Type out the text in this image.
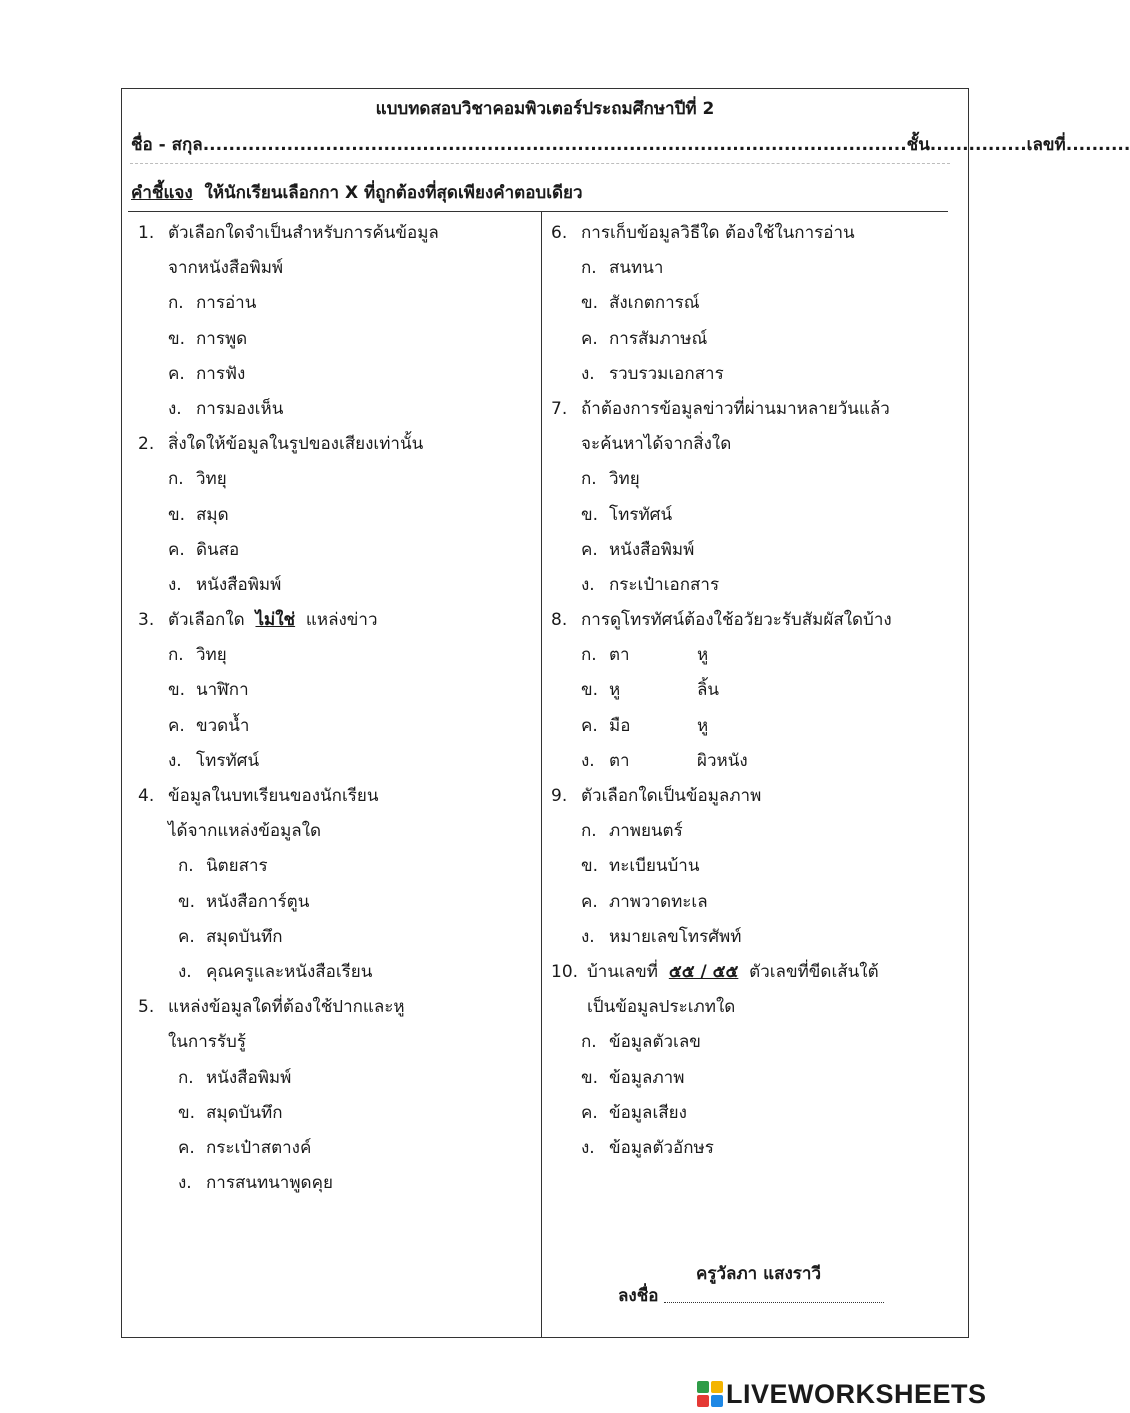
แบบทดสอบวิชาคอมพิวเตอร์ประถมศึกษาปีที่ 2
ชื่อ - สกุล.............................................................................................................ชั้น...............เลขที่..........
คำชี้แจง ให้นักเรียนเลือกกา X ที่ถูกต้องที่สุดเพียงคำตอบเดียว
1. ตัวเลือกใดจำเป็นสำหรับการค้นข้อมูล
จากหนังสือพิมพ์
ก. การอ่าน
ข. การพูด
ค. การฟัง
ง. การมองเห็น
2. สิ่งใดให้ข้อมูลในรูปของเสียงเท่านั้น
ก. วิทยุ
ข. สมุด
ค. ดินสอ
ง. หนังสือพิมพ์
3. ตัวเลือกใด ไม่ใช่ แหล่งข่าว
ก. วิทยุ
ข. นาฬิกา
ค. ขวดน้ำ
ง. โทรทัศน์
4. ข้อมูลในบทเรียนของนักเรียน
ได้จากแหล่งข้อมูลใด
ก. นิตยสาร
ข. หนังสือการ์ตูน
ค. สมุดบันทึก
ง. คุณครูและหนังสือเรียน
5. แหล่งข้อมูลใดที่ต้องใช้ปากและหู
ในการรับรู้
ก. หนังสือพิมพ์
ข. สมุดบันทึก
ค. กระเป๋าสตางค์
ง. การสนทนาพูดคุย
6. การเก็บข้อมูลวิธีใด ต้องใช้ในการอ่าน
ก. สนทนา
ข. สังเกตการณ์
ค. การสัมภาษณ์
ง. รวบรวมเอกสาร
7. ถ้าต้องการข้อมูลข่าวที่ผ่านมาหลายวันแล้ว
จะค้นหาได้จากสิ่งใด
ก. วิทยุ
ข. โทรทัศน์
ค. หนังสือพิมพ์
ง. กระเป๋าเอกสาร
8. การดูโทรทัศน์ต้องใช้อวัยวะรับสัมผัสใดบ้าง
ก. ตา	หู
ข. หู	ลิ้น
ค. มือ	หู
ง. ตา	ผิวหนัง
9. ตัวเลือกใดเป็นข้อมูลภาพ
ก. ภาพยนตร์
ข. ทะเบียนบ้าน
ค. ภาพวาดทะเล
ง. หมายเลขโทรศัพท์
10. บ้านเลขที่ ๕๕ / ๕๕ ตัวเลขที่ขีดเส้นใต้
เป็นข้อมูลประเภทใด
ก. ข้อมูลตัวเลข
ข. ข้อมูลภาพ
ค. ข้อมูลเสียง
ง. ข้อมูลตัวอักษร
ครูวัลภา แสงราวี
ลงชื่อ
LIVEWORKSHEETS
